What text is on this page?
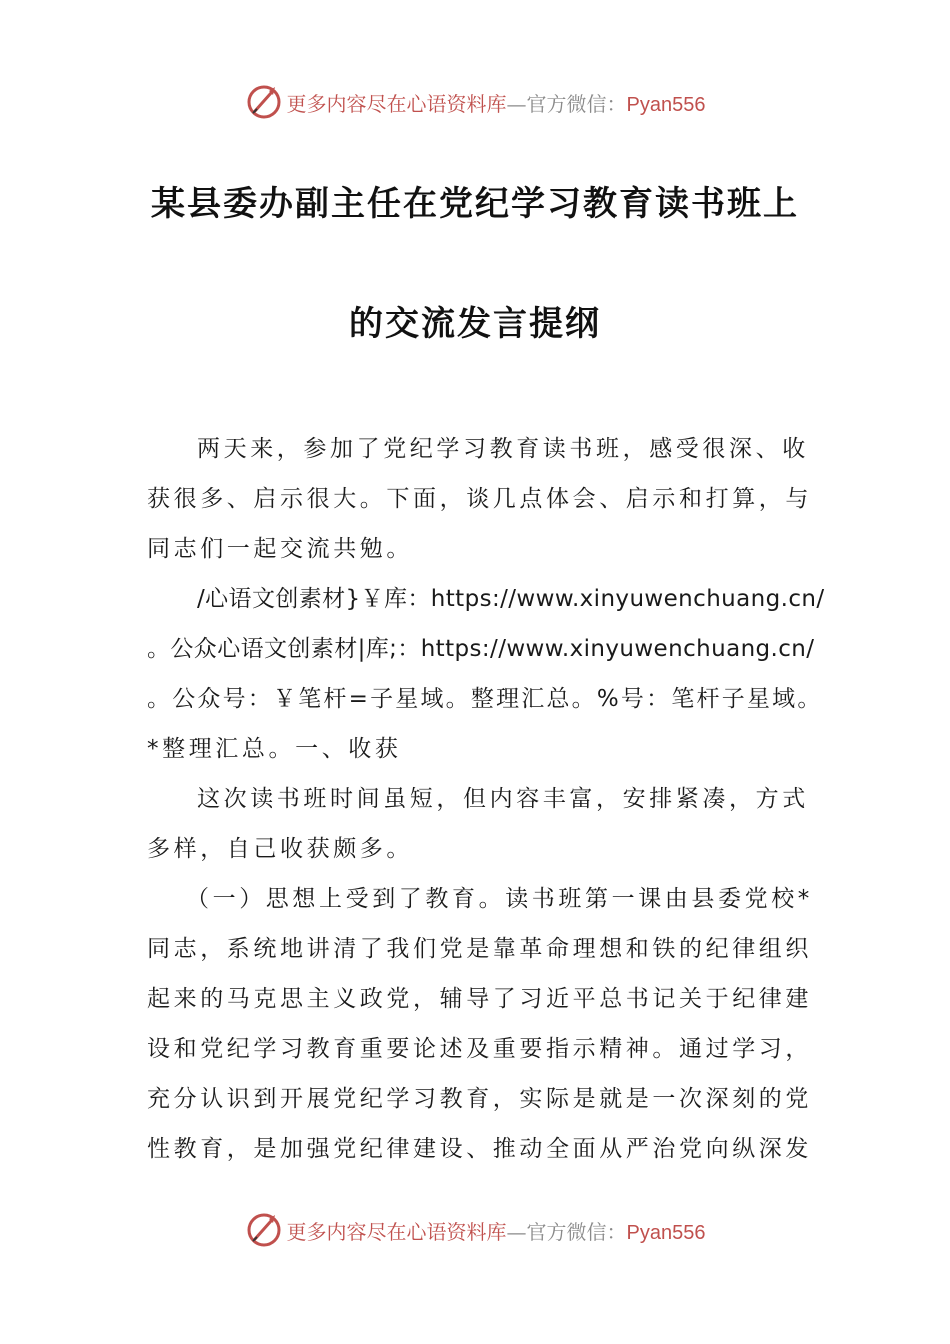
更多内容尽在心语资料库—官方微信：Pyan556
某县委办副主任在党纪学习教育读书班上
的交流发言提纲
两天来，参加了党纪学习教育读书班，感受很深、收
获很多、启示很大。下面，谈几点体会、启示和打算，与
同志们一起交流共勉。
/心语文创素材}￥库：https://www.xinyuwenchuang.cn/
。公众心语文创素材|库;：https://www.xinyuwenchuang.cn/
。公众号：￥笔杆=子星域。整理汇总。%号：笔杆子星域。
*整理汇总。一、收获
这次读书班时间虽短，但内容丰富，安排紧凑，方式
多样，自己收获颇多。
（一）思想上受到了教育。读书班第一课由县委党校*
同志，系统地讲清了我们党是靠革命理想和铁的纪律组织
起来的马克思主义政党，辅导了习近平总书记关于纪律建
设和党纪学习教育重要论述及重要指示精神。通过学习，
充分认识到开展党纪学习教育，实际是就是一次深刻的党
性教育，是加强党纪律建设、推动全面从严治党向纵深发
更多内容尽在心语资料库—官方微信：Pyan556
